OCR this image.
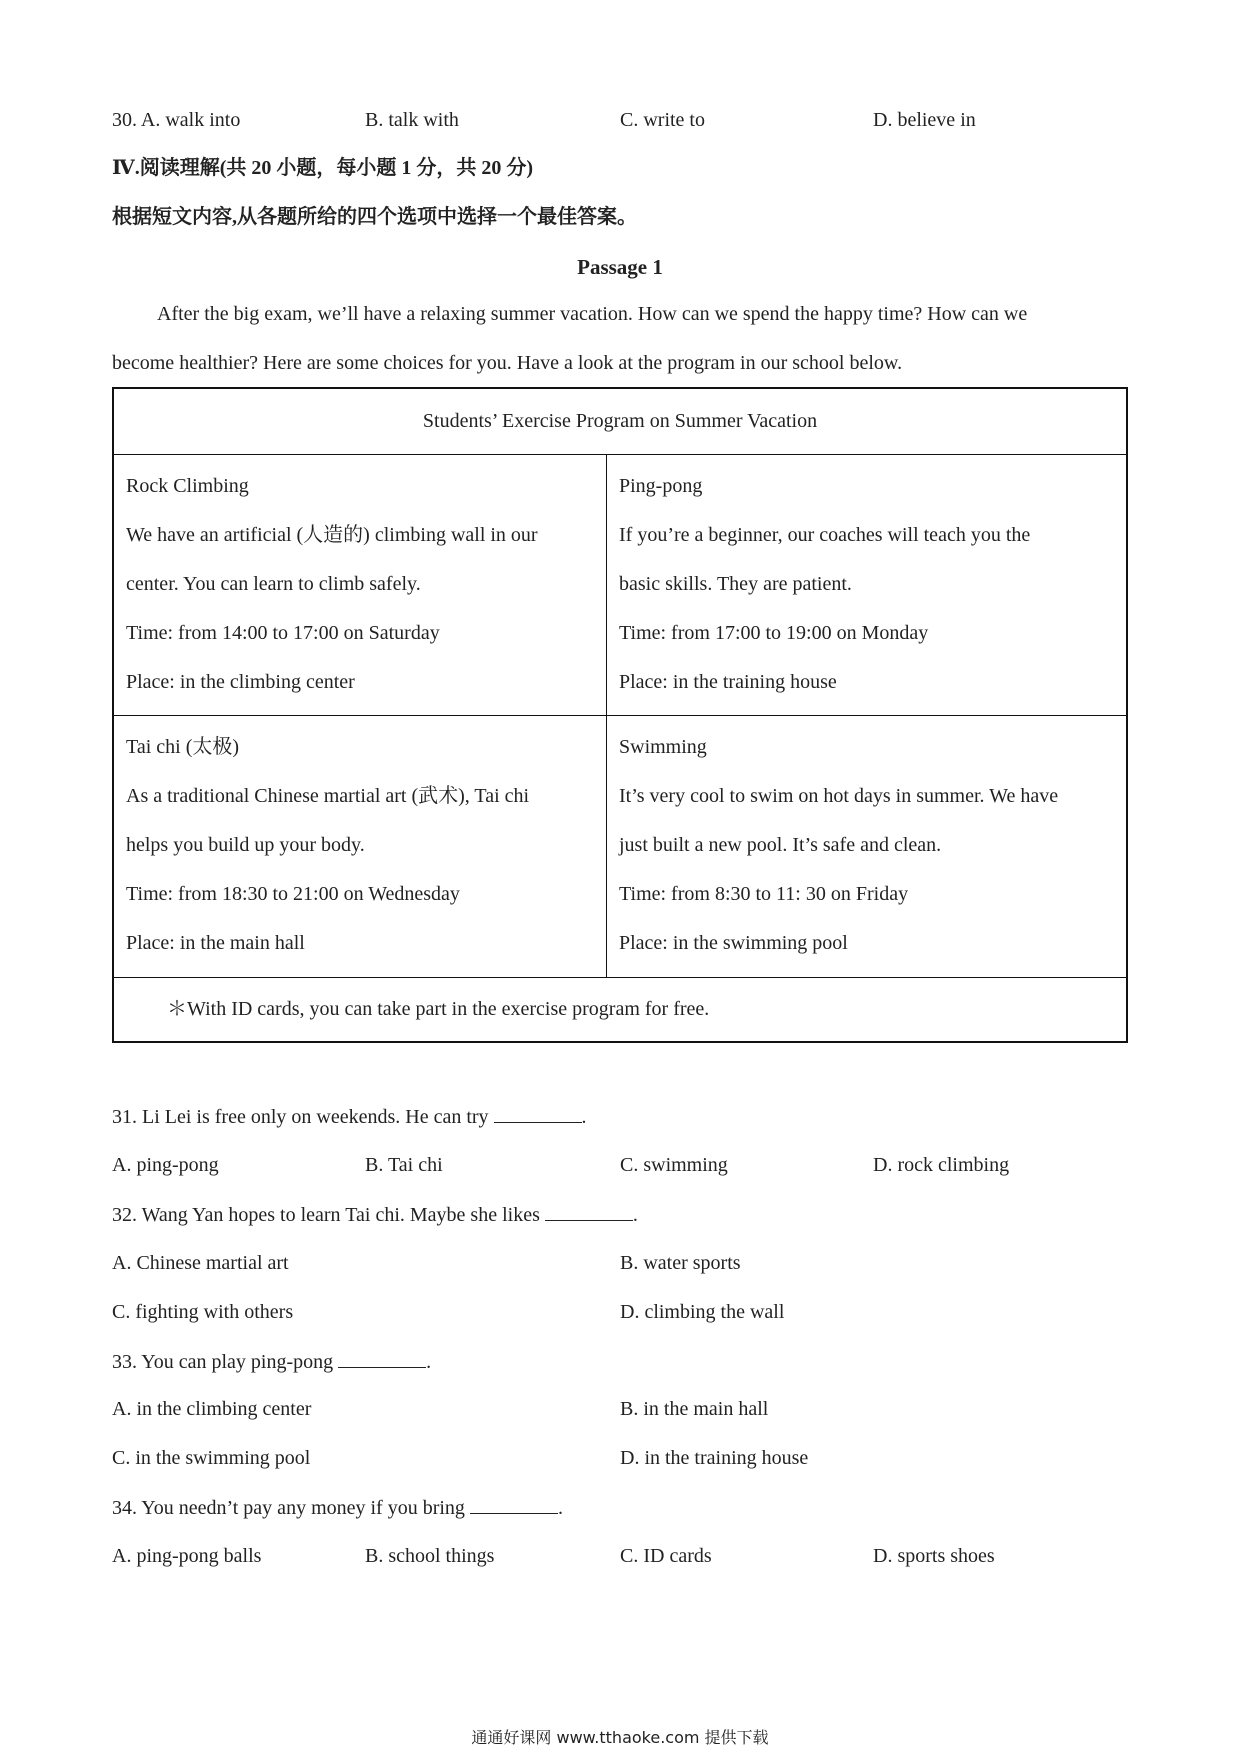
30. A. walk into	B. talk with	C. write to	D. believe in
Ⅳ.阅读理解(共 20 小题，每小题 1 分，共 20 分)
根据短文内容,从各题所给的四个选项中选择一个最佳答案。
Passage 1
After the big exam, we’ll have a relaxing summer vacation. How can we spend the happy time? How can we
become healthier? Here are some choices for you. Have a look at the program in our school below.
Students’ Exercise Program on Summer Vacation
Rock Climbing
We have an artificial (人造的) climbing wall in our
center. You can learn to climb safely.
Time: from 14:00 to 17:00 on Saturday
Place: in the climbing center
Ping-pong
If you’re a beginner, our coaches will teach you the
basic skills. They are patient.
Time: from 17:00 to 19:00 on Monday
Place: in the training house
Tai chi (太极)
As a traditional Chinese martial art (武术), Tai chi
helps you build up your body.
Time: from 18:30 to 21:00 on Wednesday
Place: in the main hall
Swimming
It’s very cool to swim on hot days in summer. We have
just built a new pool. It’s safe and clean.
Time: from 8:30 to 11: 30 on Friday
Place: in the swimming pool
＊With ID cards, you can take part in the exercise program for free.
31. Li Lei is free only on weekends. He can try	.
A. ping-pong	B. Tai chi	C. swimming	D. rock climbing
32. Wang Yan hopes to learn Tai chi. Maybe she likes	.
A. Chinese martial art	B. water sports
C. fighting with others	D. climbing the wall
33. You can play ping-pong	.
A. in the climbing center	B. in the main hall
C. in the swimming pool	D. in the training house
34. You needn’t pay any money if you bring	.
A. ping-pong balls	B. school things	C. ID cards	D. sports shoes
通通好课网 www.tthaoke.com 提供下载
